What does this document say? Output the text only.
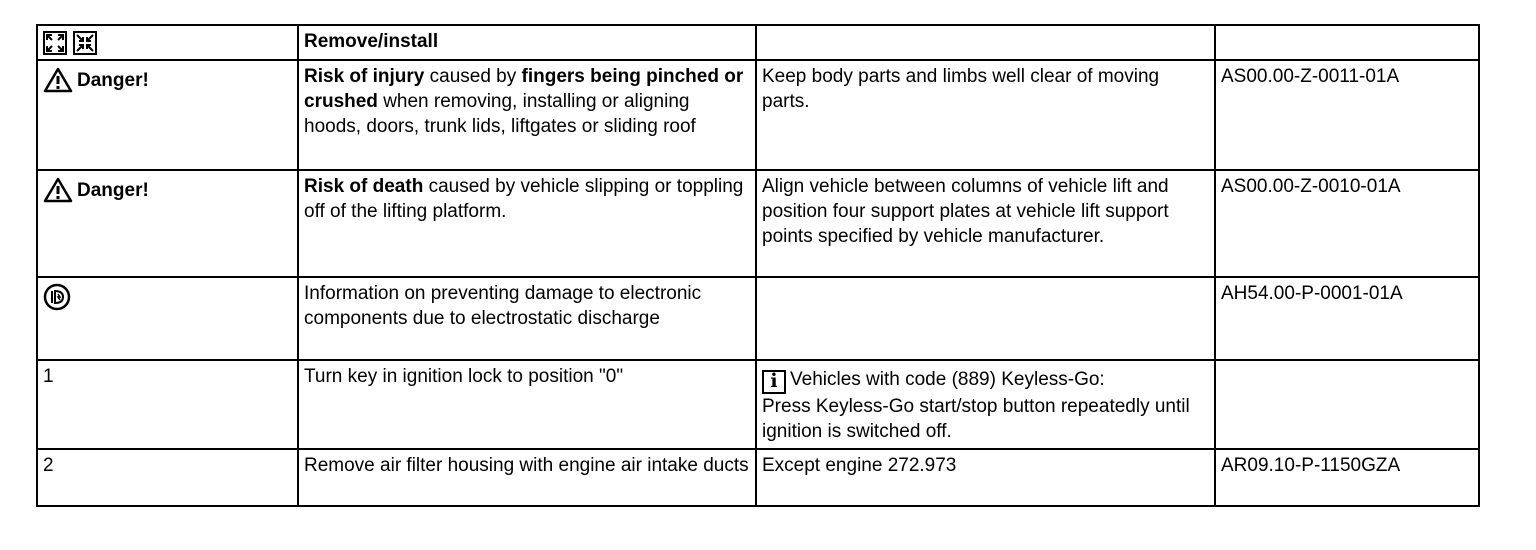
	Remove/install		

Danger!	Risk of injury caused by fingers being pinched or crushed when removing, installing or aligning hoods, doors, trunk lids, liftgates or sliding roof	Keep body parts and limbs well clear of moving parts.	AS00.00-Z-0011-01A

Danger!	Risk of death caused by vehicle slipping or toppling off of the lifting platform.	Align vehicle between columns of vehicle lift and position four support plates at vehicle lift support points specified by vehicle manufacturer.	AS00.00-Z-0010-01A
	Information on preventing damage to electronic components due to electrostatic discharge		AH54.00-P-0001-01A
1	Turn key in ignition lock to position "0"	i Vehicles with code (889) Keyless-Go:
Press Keyless-Go start/stop button repeatedly until ignition is switched off.	

2	Remove air filter housing with engine air intake ducts	Except engine 272.973	AR09.10-P-1150GZA
